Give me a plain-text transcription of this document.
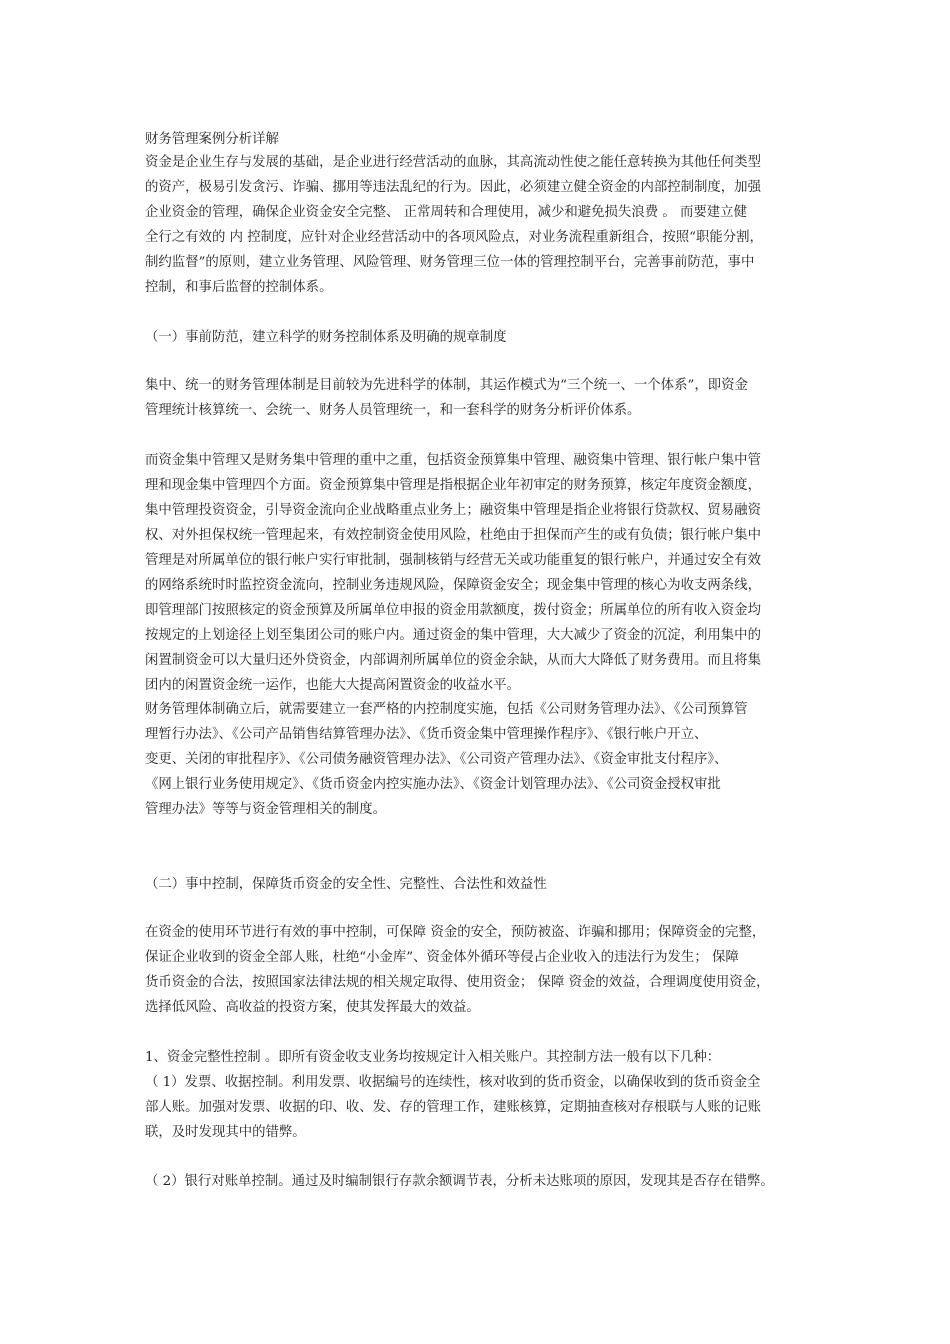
财务管理案例分析详解
资金是企业生存与发展的基础，是企业进行经营活动的血脉，其高流动性使之能任意转换为其他任何类型
的资产，极易引发贪污、诈骗、挪用等违法乱纪的行为。因此，必须建立健全资金的内部控制制度，加强
企业资金的管理，确保企业资金安全完整、 正常周转和合理使用，减少和避免损失浪费 。 而要建立健
全行之有效的 内 控制度，应针对企业经营活动中的各项风险点，对业务流程重新组合，按照“职能分割，
制约监督”的原则，建立业务管理、风险管理、财务管理三位一体的管理控制平台，完善事前防范，事中
控制，和事后监督的控制体系。
（一）事前防范，建立科学的财务控制体系及明确的规章制度
集中、统一的财务管理体制是目前较为先进科学的体制，其运作模式为“三个统一、一个体系”，即资金
管理统计核算统一、会统一、财务人员管理统一，和一套科学的财务分析评价体系。
而资金集中管理又是财务集中管理的重中之重，包括资金预算集中管理、融资集中管理、银行帐户集中管
理和现金集中管理四个方面。资金预算集中管理是指根据企业年初审定的财务预算，核定年度资金额度，
集中管理投资资金，引导资金流向企业战略重点业务上；融资集中管理是指企业将银行贷款权、贸易融资
权、对外担保权统一管理起来，有效控制资金使用风险，杜绝由于担保而产生的或有负债；银行帐户集中
管理是对所属单位的银行帐户实行审批制，强制核销与经营无关或功能重复的银行帐户，并通过安全有效
的网络系统时时监控资金流向，控制业务违规风险，保障资金安全；现金集中管理的核心为收支两条线，
即管理部门按照核定的资金预算及所属单位申报的资金用款额度，拨付资金；所属单位的所有收入资金均
按规定的上划途径上划至集团公司的账户内。通过资金的集中管理，大大减少了资金的沉淀，利用集中的
闲置制资金可以大量归还外贷资金，内部调剂所属单位的资金余缺，从而大大降低了财务费用。而且将集
团内的闲置资金统一运作，也能大大提高闲置资金的收益水平。
财务管理体制确立后，就需要建立一套严格的内控制度实施，包括《公司财务管理办法》、《公司预算管
理暂行办法》、《公司产品销售结算管理办法》、《货币资金集中管理操作程序》、《银行帐户开立、
变更、关闭的审批程序》、《公司债务融资管理办法》、《公司资产管理办法》、《资金审批支付程序》、
《网上银行业务使用规定》、《货币资金内控实施办法》、《资金计划管理办法》、《公司资金授权审批
管理办法》等等与资金管理相关的制度。
（二）事中控制，保障货币资金的安全性、完整性、合法性和效益性
在资金的使用环节进行有效的事中控制，可保障 资金的安全，预防被盗、诈骗和挪用；保障资金的完整，
保证企业收到的资金全部人账，杜绝“小金库”、资金体外循环等侵占企业收入的违法行为发生； 保障
货币资金的合法，按照国家法律法规的相关规定取得、使用资金； 保障 资金的效益，合理调度使用资金，
选择低风险、高收益的投资方案，使其发挥最大的效益。
1、资金完整性控制 。即所有资金收支业务均按规定计入相关账户。其控制方法一般有以下几种：
（ 1）发票、收据控制。利用发票、收据编号的连续性，核对收到的货币资金，以确保收到的货币资金全
部人账。加强对发票、收据的印、收、发、存的管理工作，建账核算，定期抽查核对存根联与人账的记账
联，及时发现其中的错弊。
（ 2）银行对账单控制。通过及时编制银行存款余额调节表，分析未达账项的原因，发现其是否存在错弊。
